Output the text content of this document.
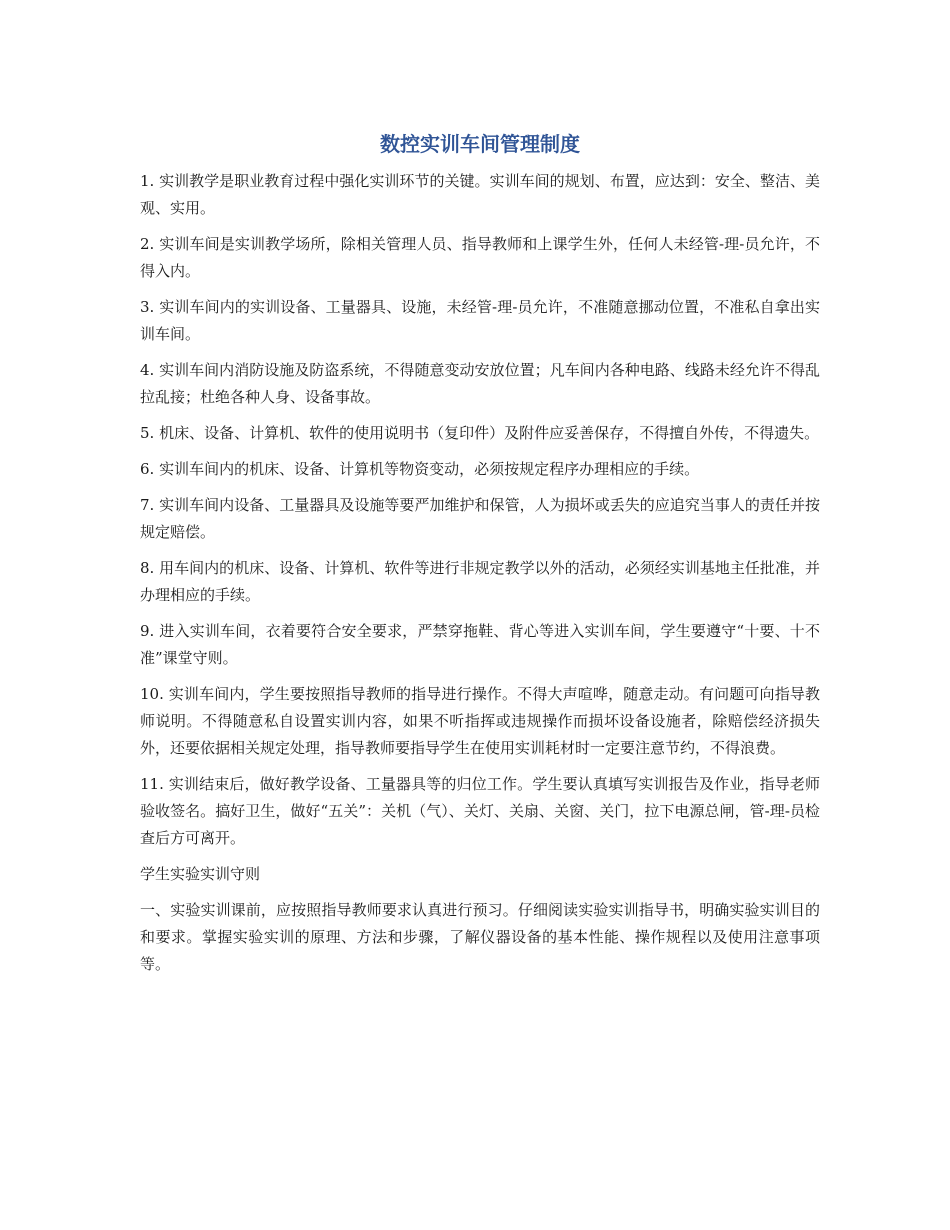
数控实训车间管理制度

1. 实训教学是职业教育过程中强化实训环节的关键。实训车间的规划、布置，应达到：安全、整洁、美观、实用。

2. 实训车间是实训教学场所，除相关管理人员、指导教师和上课学生外，任何人未经管-理-员允许，不得入内。

3. 实训车间内的实训设备、工量器具、设施，未经管-理-员允许，不准随意挪动位置，不准私自拿出实训车间。

4. 实训车间内消防设施及防盗系统，不得随意变动安放位置；凡车间内各种电路、线路未经允许不得乱拉乱接；杜绝各种人身、设备事故。

5. 机床、设备、计算机、软件的使用说明书（复印件）及附件应妥善保存，不得擅自外传，不得遗失。

6. 实训车间内的机床、设备、计算机等物资变动，必须按规定程序办理相应的手续。

7. 实训车间内设备、工量器具及设施等要严加维护和保管，人为损坏或丢失的应追究当事人的责任并按规定赔偿。

8. 用车间内的机床、设备、计算机、软件等进行非规定教学以外的活动，必须经实训基地主任批准，并办理相应的手续。

9. 进入实训车间，衣着要符合安全要求，严禁穿拖鞋、背心等进入实训车间，学生要遵守“十要、十不准”课堂守则。

10. 实训车间内，学生要按照指导教师的指导进行操作。不得大声喧哗，随意走动。有问题可向指导教师说明。不得随意私自设置实训内容，如果不听指挥或违规操作而损坏设备设施者，除赔偿经济损失外，还要依据相关规定处理，指导教师要指导学生在使用实训耗材时一定要注意节约，不得浪费。

11. 实训结束后，做好教学设备、工量器具等的归位工作。学生要认真填写实训报告及作业，指导老师验收签名。搞好卫生，做好“五关”：关机（气）、关灯、关扇、关窗、关门，拉下电源总闸，管-理-员检查后方可离开。

学生实验实训守则

一、实验实训课前，应按照指导教师要求认真进行预习。仔细阅读实验实训指导书，明确实验实训目的和要求。掌握实验实训的原理、方法和步骤，了解仪器设备的基本性能、操作规程以及使用注意事项等。
